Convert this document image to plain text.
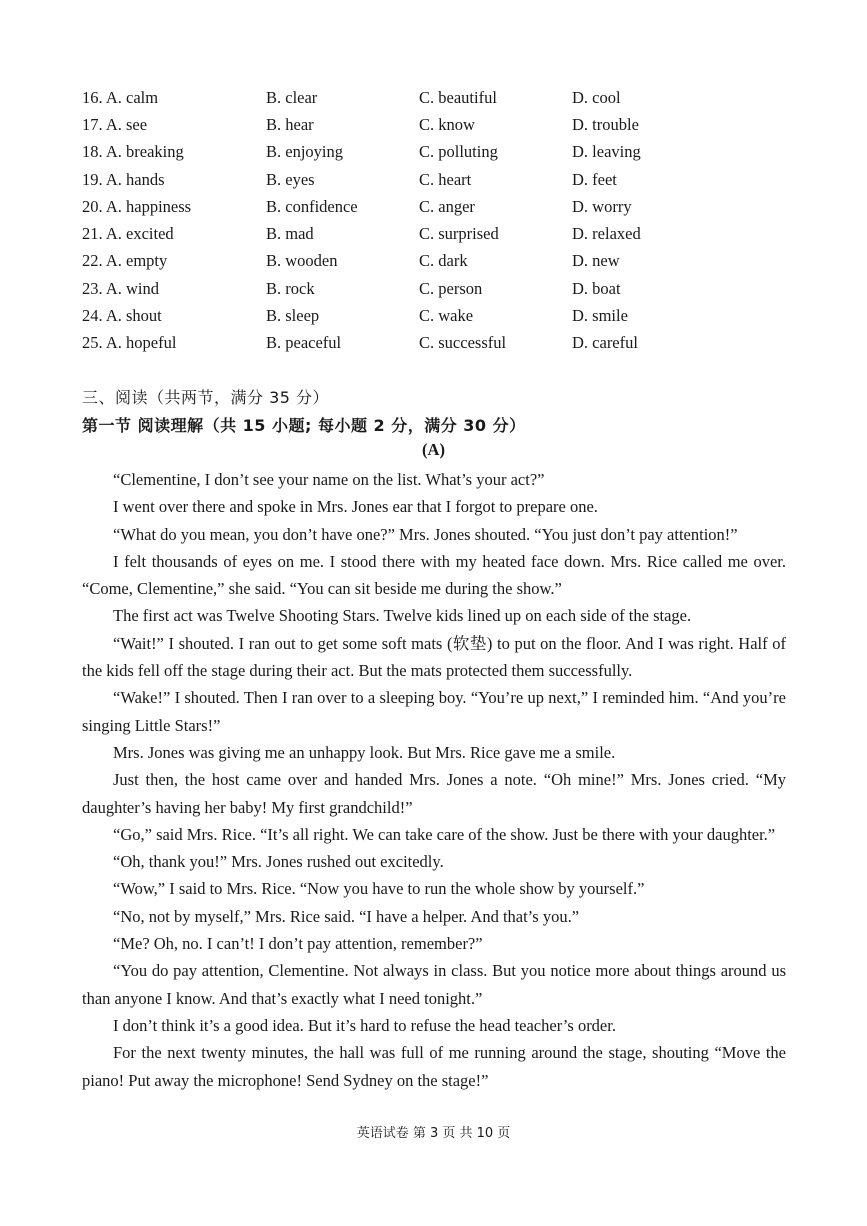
16. A. calm	B. clear	C. beautiful	D. cool
17. A. see	B. hear	C. know	D. trouble
18. A. breaking	B. enjoying	C. polluting	D. leaving
19. A. hands	B. eyes	C. heart	D. feet
20. A. happiness	B. confidence	C. anger	D. worry
21. A. excited	B. mad	C. surprised	D. relaxed
22. A. empty	B. wooden	C. dark	D. new
23. A. wind	B. rock	C. person	D. boat
24. A. shout	B. sleep	C. wake	D. smile
25. A. hopeful	B. peaceful	C. successful	D. careful
三、阅读（共两节，满分 35 分）
第一节 阅读理解（共 15 小题; 每小题 2 分，满分 30 分）
(A)

“Clementine, I don’t see your name on the list. What’s your act?”

I went over there and spoke in Mrs. Jones ear that I forgot to prepare one.

“What do you mean, you don’t have one?” Mrs. Jones shouted. “You just don’t pay attention!”

I felt thousands of eyes on me. I stood there with my heated face down. Mrs. Rice called me over. “Come, Clementine,” she said. “You can sit beside me during the show.”

The first act was Twelve Shooting Stars. Twelve kids lined up on each side of the stage.

“Wait!” I shouted. I ran out to get some soft mats (软垫) to put on the floor. And I was right. Half of the kids fell off the stage during their act. But the mats protected them successfully.

“Wake!” I shouted. Then I ran over to a sleeping boy. “You’re up next,” I reminded him. “And you’re singing Little Stars!”

Mrs. Jones was giving me an unhappy look. But Mrs. Rice gave me a smile.

Just then, the host came over and handed Mrs. Jones a note. “Oh mine!” Mrs. Jones cried. “My daughter’s having her baby! My first grandchild!”

“Go,” said Mrs. Rice. “It’s all right. We can take care of the show. Just be there with your daughter.”

“Oh, thank you!” Mrs. Jones rushed out excitedly.

“Wow,” I said to Mrs. Rice. “Now you have to run the whole show by yourself.”

“No, not by myself,” Mrs. Rice said. “I have a helper. And that’s you.”

“Me? Oh, no. I can’t! I don’t pay attention, remember?”

“You do pay attention, Clementine. Not always in class. But you notice more about things around us than anyone I know. And that’s exactly what I need tonight.”

I don’t think it’s a good idea. But it’s hard to refuse the head teacher’s order.

For the next twenty minutes, the hall was full of me running around the stage, shouting “Move the piano! Put away the microphone! Send Sydney on the stage!”

英语试卷 第 3 页 共 10 页
